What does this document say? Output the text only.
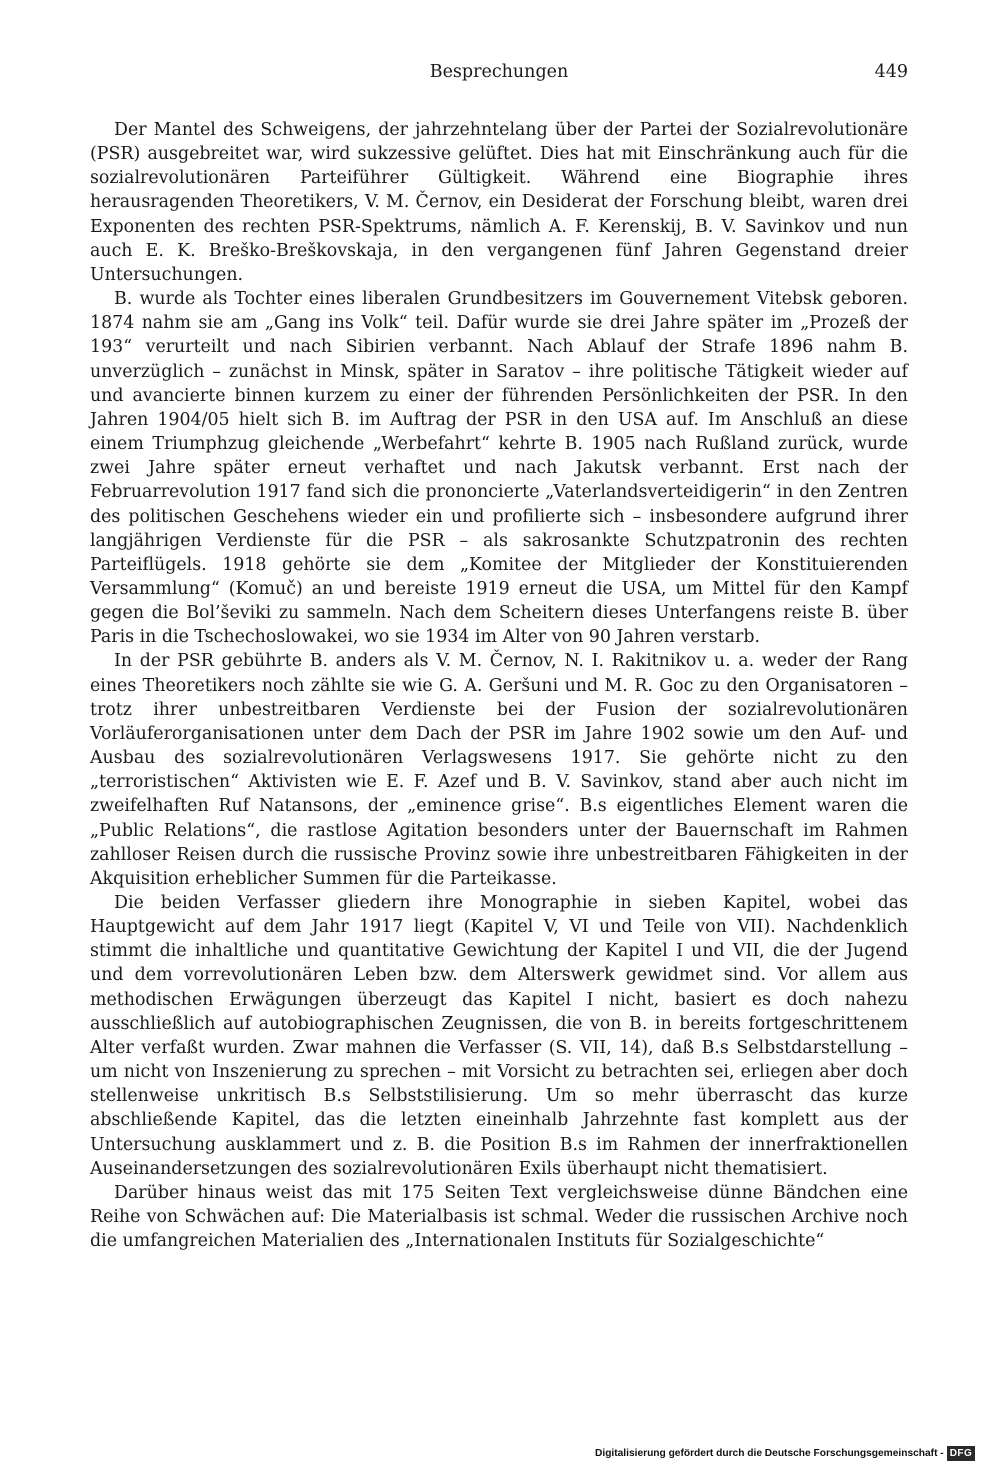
Besprechungen	449

Der Mantel des Schweigens, der jahrzehntelang über der Partei der Sozialrevolutionäre (PSR) ausgebreitet war, wird sukzessive gelüftet. Dies hat mit Einschränkung auch für die sozialrevolutionären Parteiführer Gültigkeit. Während eine Biographie ihres herausragenden Theoretikers, V. M. Černov, ein Desiderat der Forschung bleibt, waren drei Exponenten des rechten PSR-Spektrums, nämlich A. F. Kerenskij, B. V. Savinkov und nun auch E. K. Breško-Breškovskaja, in den vergangenen fünf Jahren Gegenstand dreier Untersuchungen.

B. wurde als Tochter eines liberalen Grundbesitzers im Gouvernement Vitebsk geboren. 1874 nahm sie am „Gang ins Volk“ teil. Dafür wurde sie drei Jahre später im „Prozeß der 193“ verurteilt und nach Sibirien verbannt. Nach Ablauf der Strafe 1896 nahm B. unverzüglich – zunächst in Minsk, später in Saratov – ihre politische Tätigkeit wieder auf und avancierte binnen kurzem zu einer der führenden Persönlichkeiten der PSR. In den Jahren 1904/05 hielt sich B. im Auftrag der PSR in den USA auf. Im Anschluß an diese einem Triumphzug gleichende „Werbefahrt“ kehrte B. 1905 nach Rußland zurück, wurde zwei Jahre später erneut verhaftet und nach Jakutsk verbannt. Erst nach der Februarrevolution 1917 fand sich die prononcierte „Vaterlandsverteidigerin“ in den Zentren des politischen Geschehens wieder ein und profilierte sich – insbesondere aufgrund ihrer langjährigen Verdienste für die PSR – als sakrosankte Schutzpatronin des rechten Parteiflügels. 1918 gehörte sie dem „Komitee der Mitglieder der Konstituierenden Versammlung“ (Komuč) an und bereiste 1919 erneut die USA, um Mittel für den Kampf gegen die Bol’ševiki zu sammeln. Nach dem Scheitern dieses Unterfangens reiste B. über Paris in die Tschechoslowakei, wo sie 1934 im Alter von 90 Jahren verstarb.

In der PSR gebührte B. anders als V. M. Černov, N. I. Rakitnikov u. a. weder der Rang eines Theoretikers noch zählte sie wie G. A. Geršuni und M. R. Goc zu den Organisatoren – trotz ihrer unbestreitbaren Verdienste bei der Fusion der sozialrevolutionären Vorläuferorganisationen unter dem Dach der PSR im Jahre 1902 sowie um den Auf- und Ausbau des sozialrevolutionären Verlagswesens 1917. Sie gehörte nicht zu den „terroristischen“ Aktivisten wie E. F. Azef und B. V. Savinkov, stand aber auch nicht im zweifelhaften Ruf Natansons, der „eminence grise“. B.s eigentliches Element waren die „Public Relations“, die rastlose Agitation besonders unter der Bauernschaft im Rahmen zahlloser Reisen durch die russische Provinz sowie ihre unbestreitbaren Fähigkeiten in der Akquisition erheblicher Summen für die Parteikasse.

Die beiden Verfasser gliedern ihre Monographie in sieben Kapitel, wobei das Hauptgewicht auf dem Jahr 1917 liegt (Kapitel V, VI und Teile von VII). Nachdenklich stimmt die inhaltliche und quantitative Gewichtung der Kapitel I und VII, die der Jugend und dem vorrevolutionären Leben bzw. dem Alterswerk gewidmet sind. Vor allem aus methodischen Erwägungen überzeugt das Kapitel I nicht, basiert es doch nahezu ausschließlich auf autobiographischen Zeugnissen, die von B. in bereits fortgeschrittenem Alter verfaßt wurden. Zwar mahnen die Verfasser (S. VII, 14), daß B.s Selbstdarstellung – um nicht von Inszenierung zu sprechen – mit Vorsicht zu betrachten sei, erliegen aber doch stellenweise unkritisch B.s Selbststilisierung. Um so mehr überrascht das kurze abschließende Kapitel, das die letzten eineinhalb Jahrzehnte fast komplett aus der Untersuchung ausklammert und z. B. die Position B.s im Rahmen der innerfraktionellen Auseinandersetzungen des sozialrevolutionären Exils überhaupt nicht thematisiert.

Darüber hinaus weist das mit 175 Seiten Text vergleichsweise dünne Bändchen eine Reihe von Schwächen auf: Die Materialbasis ist schmal. Weder die russischen Archive noch die umfangreichen Materialien des „Internationalen Instituts für Sozialgeschichte“

Digitalisierung gefördert durch die Deutsche Forschungsgemeinschaft - DFG
